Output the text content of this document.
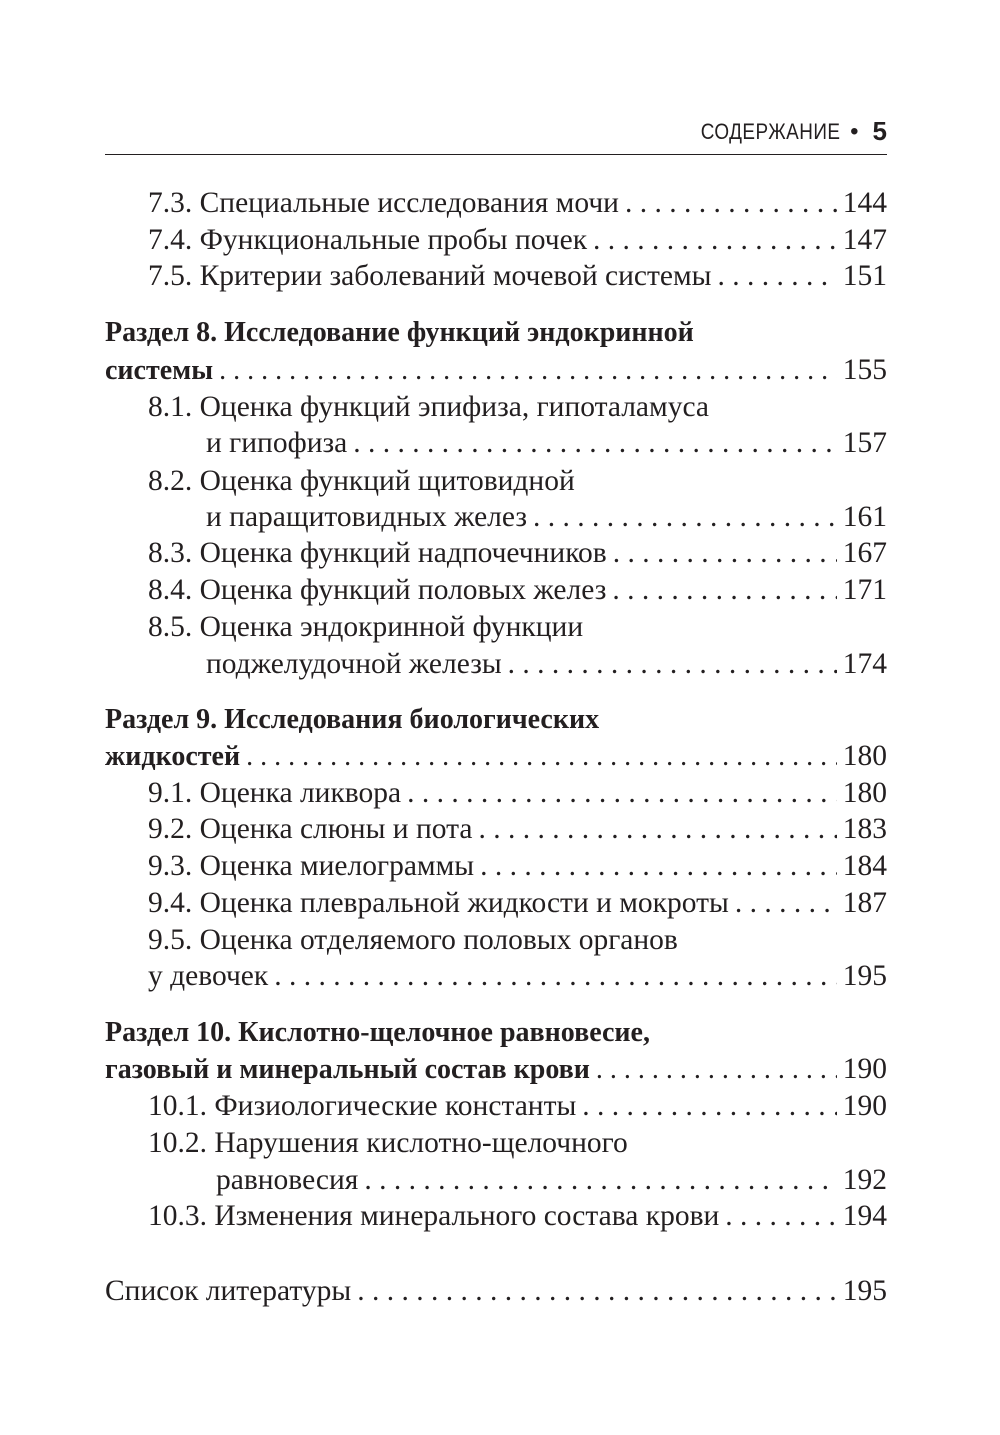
СОДЕРЖАНИЕ • 5
7.3. Специальные исследования мочи . . .	144
7.4. Функциональные пробы почек . . .	147
7.5. Критерии заболеваний мочевой системы . . .	151
Раздел 8. Исследование функций эндокринной
системы . . .	155
8.1. Оценка функций эпифиза, гипоталамуса
и гипофиза . . .	157
8.2. Оценка функций щитовидной
и паращитовидных желез . . .	161
8.3. Оценка функций надпочечников . . .	167
8.4. Оценка функций половых желез . . .	171
8.5. Оценка эндокринной функции
поджелудочной железы . . .	174
Раздел 9. Исследования биологических
жидкостей . . .	180
9.1. Оценка ликвора . . .	180
9.2. Оценка слюны и пота . . .	183
9.3. Оценка миелограммы . . .	184
9.4. Оценка плевральной жидкости и мокроты . . .	187
9.5. Оценка отделяемого половых органов
у девочек . . .	195
Раздел 10. Кислотно-щелочное равновесие,
газовый и минеральный состав крови . . .	190
10.1. Физиологические константы . . .	190
10.2. Нарушения кислотно-щелочного
равновесия . . .	192
10.3. Изменения минерального состава крови . . .	194
Список литературы . . .	195
